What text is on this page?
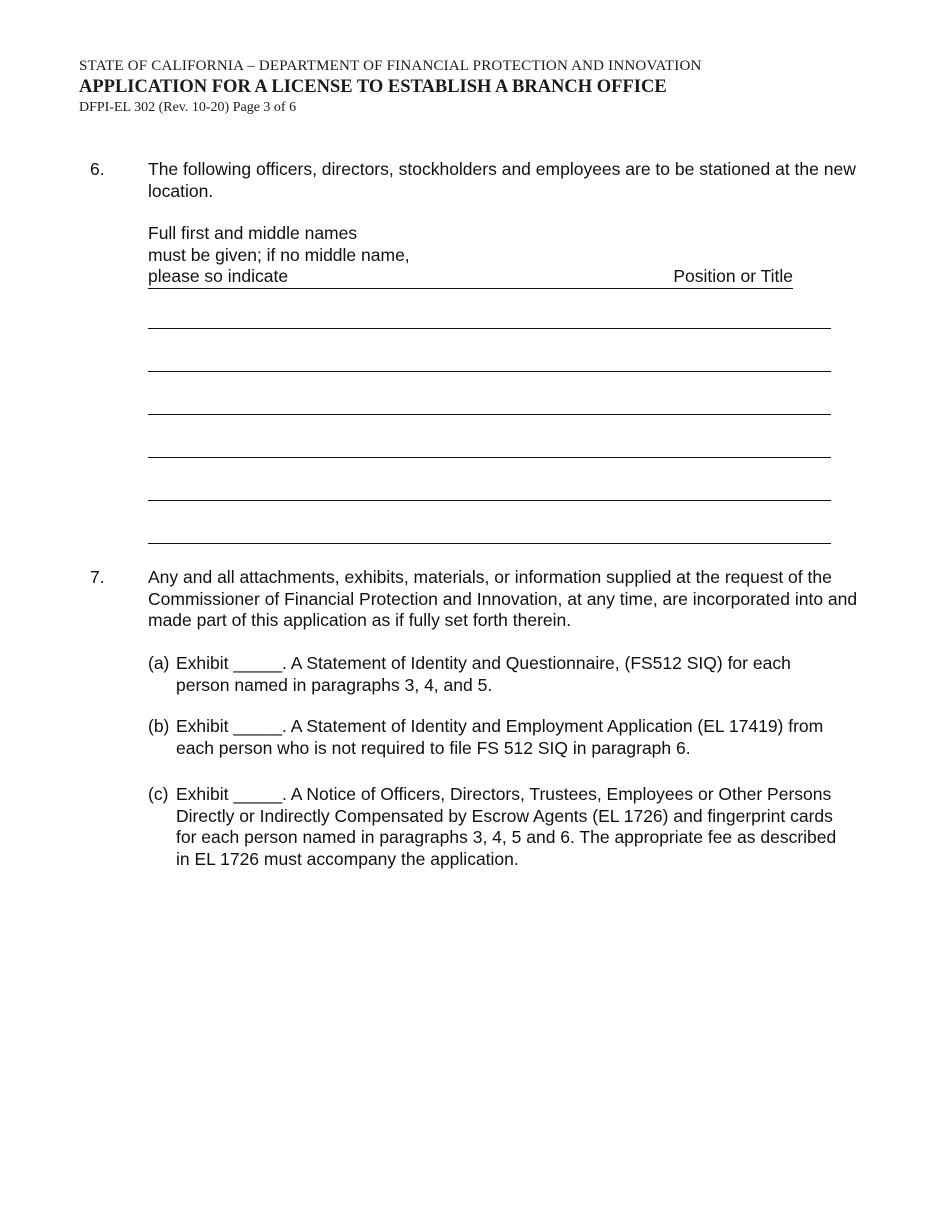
STATE OF CALIFORNIA – DEPARTMENT OF FINANCIAL PROTECTION AND INNOVATION
APPLICATION FOR A LICENSE TO ESTABLISH A BRANCH OFFICE
DFPI-EL 302 (Rev. 10-20) Page 3 of 6
6. The following officers, directors, stockholders and employees are to be stationed at the new location.
Full first and middle names
must be given; if no middle name,
please so indicate	Position or Title
7. Any and all attachments, exhibits, materials, or information supplied at the request of the Commissioner of Financial Protection and Innovation, at any time, are incorporated into and made part of this application as if fully set forth therein.
(a) Exhibit _____. A Statement of Identity and Questionnaire, (FS512 SIQ) for each
person named in paragraphs 3, 4, and 5.
(b) Exhibit _____. A Statement of Identity and Employment Application (EL 17419) from
each person who is not required to file FS 512 SIQ in paragraph 6.
(c) Exhibit _____. A Notice of Officers, Directors, Trustees, Employees or Other Persons
Directly or Indirectly Compensated by Escrow Agents (EL 1726) and fingerprint cards
for each person named in paragraphs 3, 4, 5 and 6. The appropriate fee as described
in EL 1726 must accompany the application.
